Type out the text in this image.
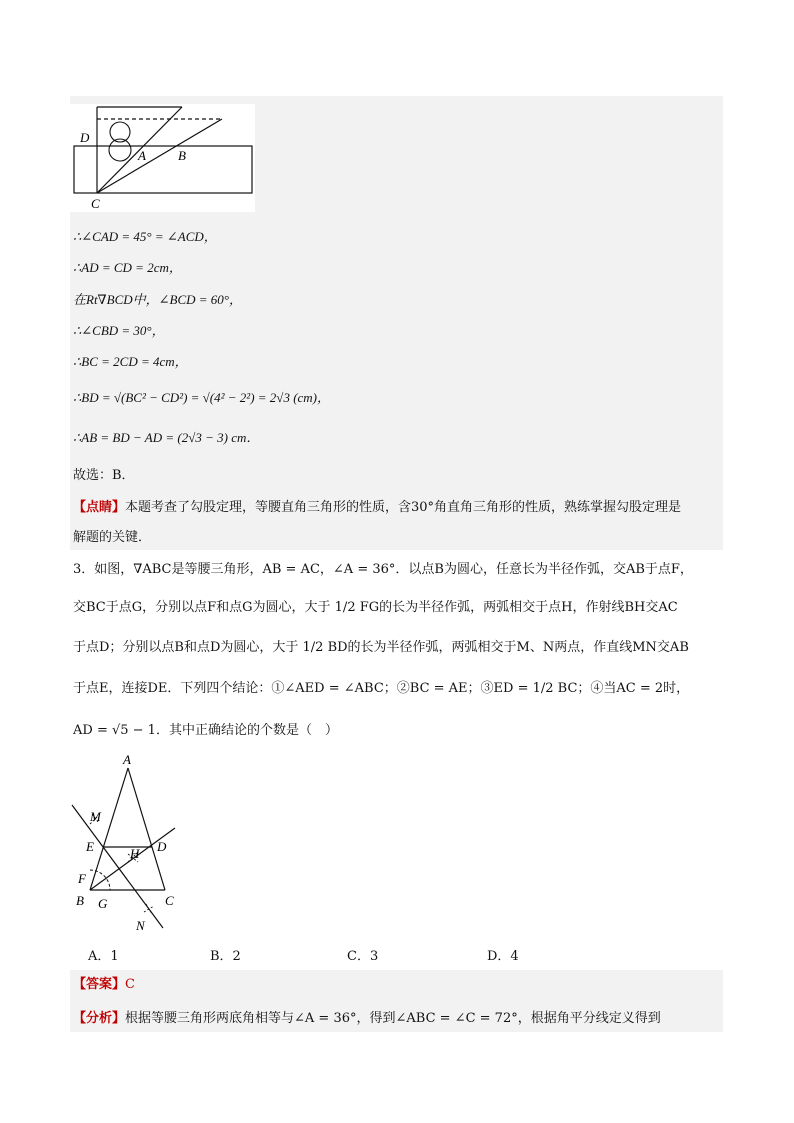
D
A B
C
∴∠CAD = 45° = ∠ACD，
∴AD = CD = 2cm，
在Rt∇BCD中，∠BCD = 60°，
∴∠CBD = 30°，
∴BC = 2CD = 4cm，
∴BD = √(BC² − CD²) = √(4² − 2²) = 2√3 (cm)，
∴AB = BD − AD = (2√3 − 3) cm．
故选：B．
【点睛】本题考查了勾股定理，等腰直角三角形的性质，含30°角直角三角形的性质，熟练掌握勾股定理是
解题的关键．
3．如图，∇ABC是等腰三角形，AB = AC，∠A = 36°．以点B为圆心，任意长为半径作弧，交AB于点F，
交BC于点G，分别以点F和点G为圆心，大于 1/2 FG的长为半径作弧，两弧相交于点H，作射线BH交AC
于点D；分别以点B和点D为圆心，大于 1/2 BD的长为半径作弧，两弧相交于M、N两点，作直线MN交AB
于点E，连接DE．下列四个结论：①∠AED = ∠ABC；②BC = AE；③ED = 1/2 BC；④当AC = 2时，
AD = √5 − 1．其中正确结论的个数是（　）
A
M
E	H D
F
B G	C
N
A．1	B．2	C．3	D．4
【答案】C
【分析】根据等腰三角形两底角相等与∠A = 36°，得到∠ABC = ∠C = 72°，根据角平分线定义得到
